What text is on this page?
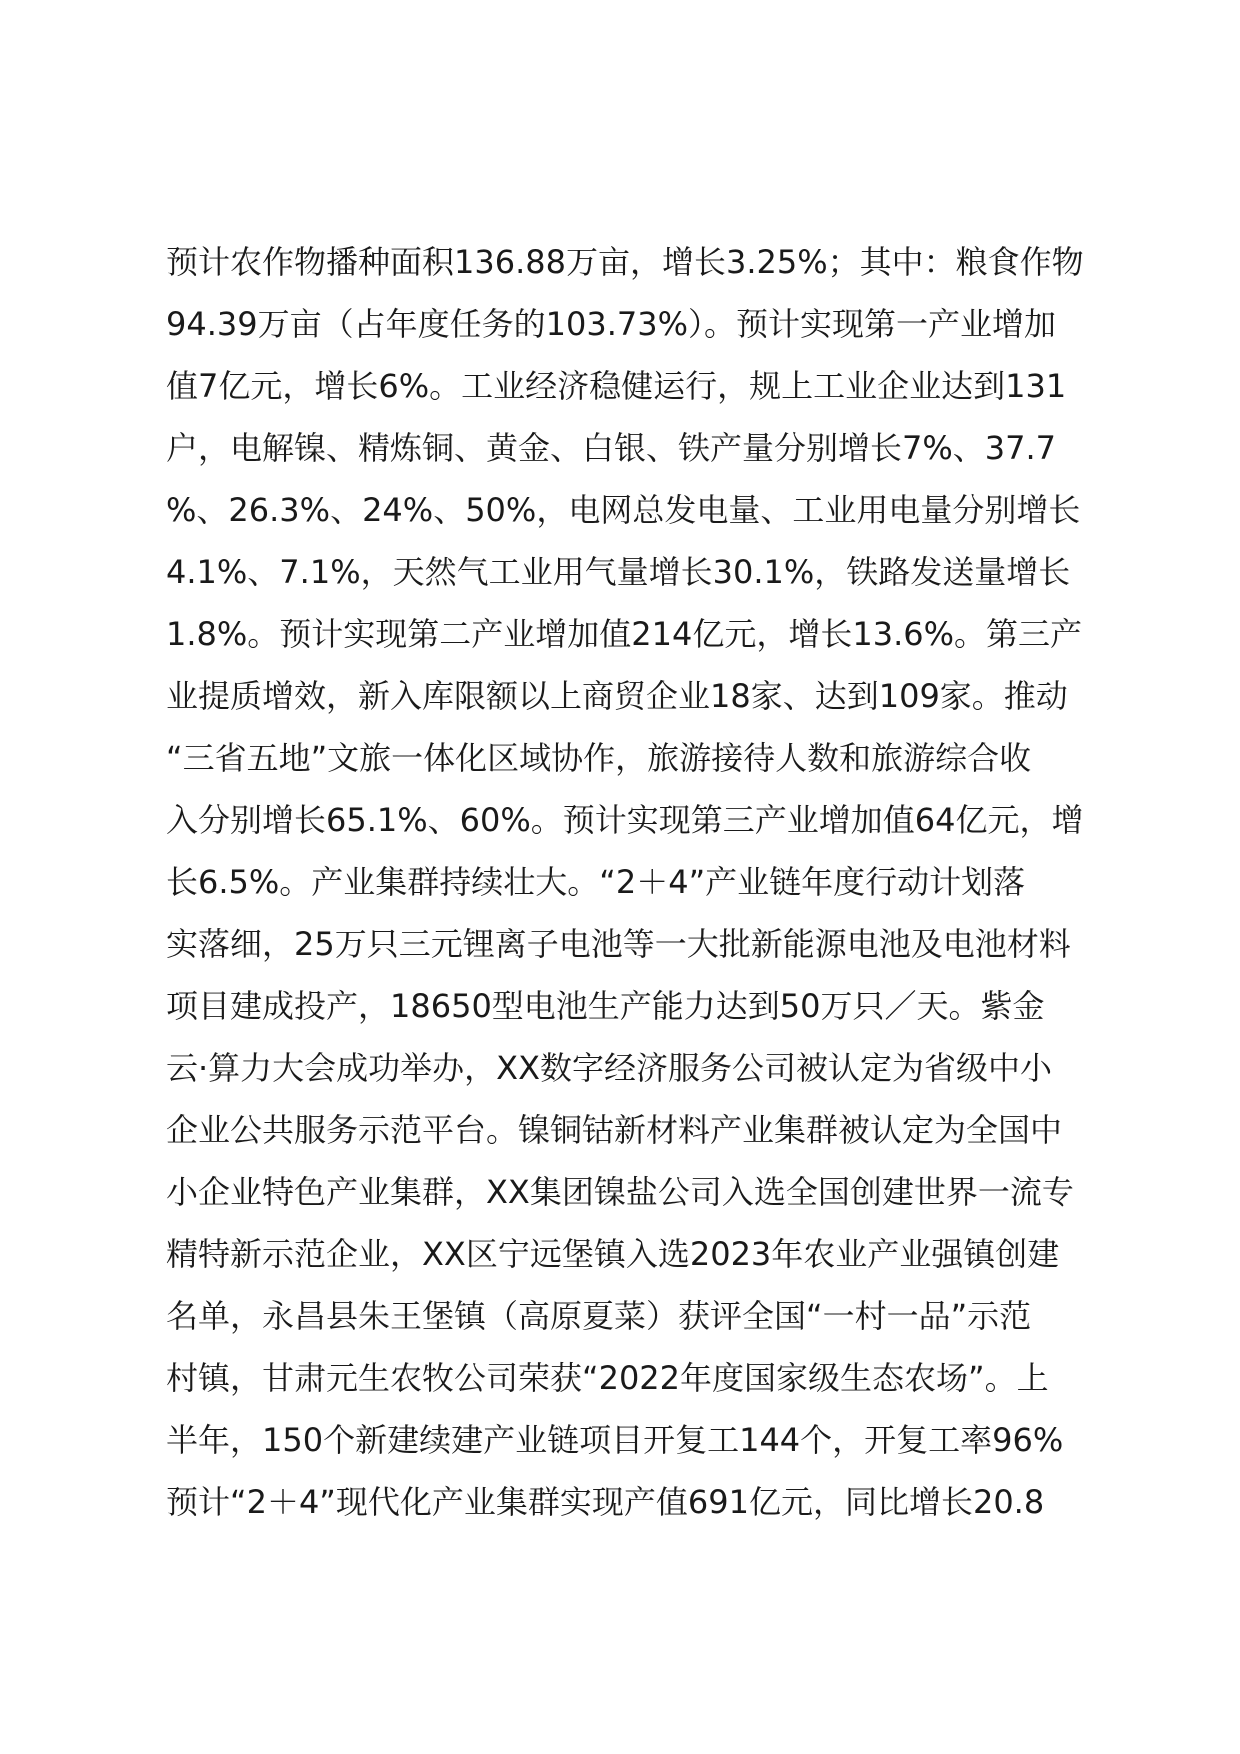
预计农作物播种面积136.88万亩，增长3.25%；其中：粮食作物
94.39万亩（占年度任务的103.73%）。预计实现第一产业增加
值7亿元，增长6%。工业经济稳健运行，规上工业企业达到131
户，电解镍、精炼铜、黄金、白银、铁产量分别增长7%、37.7
%、26.3%、24%、50%，电网总发电量、工业用电量分别增长
4.1%、7.1%，天然气工业用气量增长30.1%，铁路发送量增长
1.8%。预计实现第二产业增加值214亿元，增长13.6%。第三产
业提质增效，新入库限额以上商贸企业18家、达到109家。推动
“三省五地”文旅一体化区域协作，旅游接待人数和旅游综合收
入分别增长65.1%、60%。预计实现第三产业增加值64亿元，增
长6.5%。产业集群持续壮大。“2＋4”产业链年度行动计划落
实落细，25万只三元锂离子电池等一大批新能源电池及电池材料
项目建成投产，18650型电池生产能力达到50万只／天。紫金
云·算力大会成功举办，XX数字经济服务公司被认定为省级中小
企业公共服务示范平台。镍铜钴新材料产业集群被认定为全国中
小企业特色产业集群，XX集团镍盐公司入选全国创建世界一流专
精特新示范企业，XX区宁远堡镇入选2023年农业产业强镇创建
名单，永昌县朱王堡镇（高原夏菜）获评全国“一村一品”示范
村镇，甘肃元生农牧公司荣获“2022年度国家级生态农场”。上
半年，150个新建续建产业链项目开复工144个，开复工率96%
预计“2＋4”现代化产业集群实现产值691亿元，同比增长20.8
